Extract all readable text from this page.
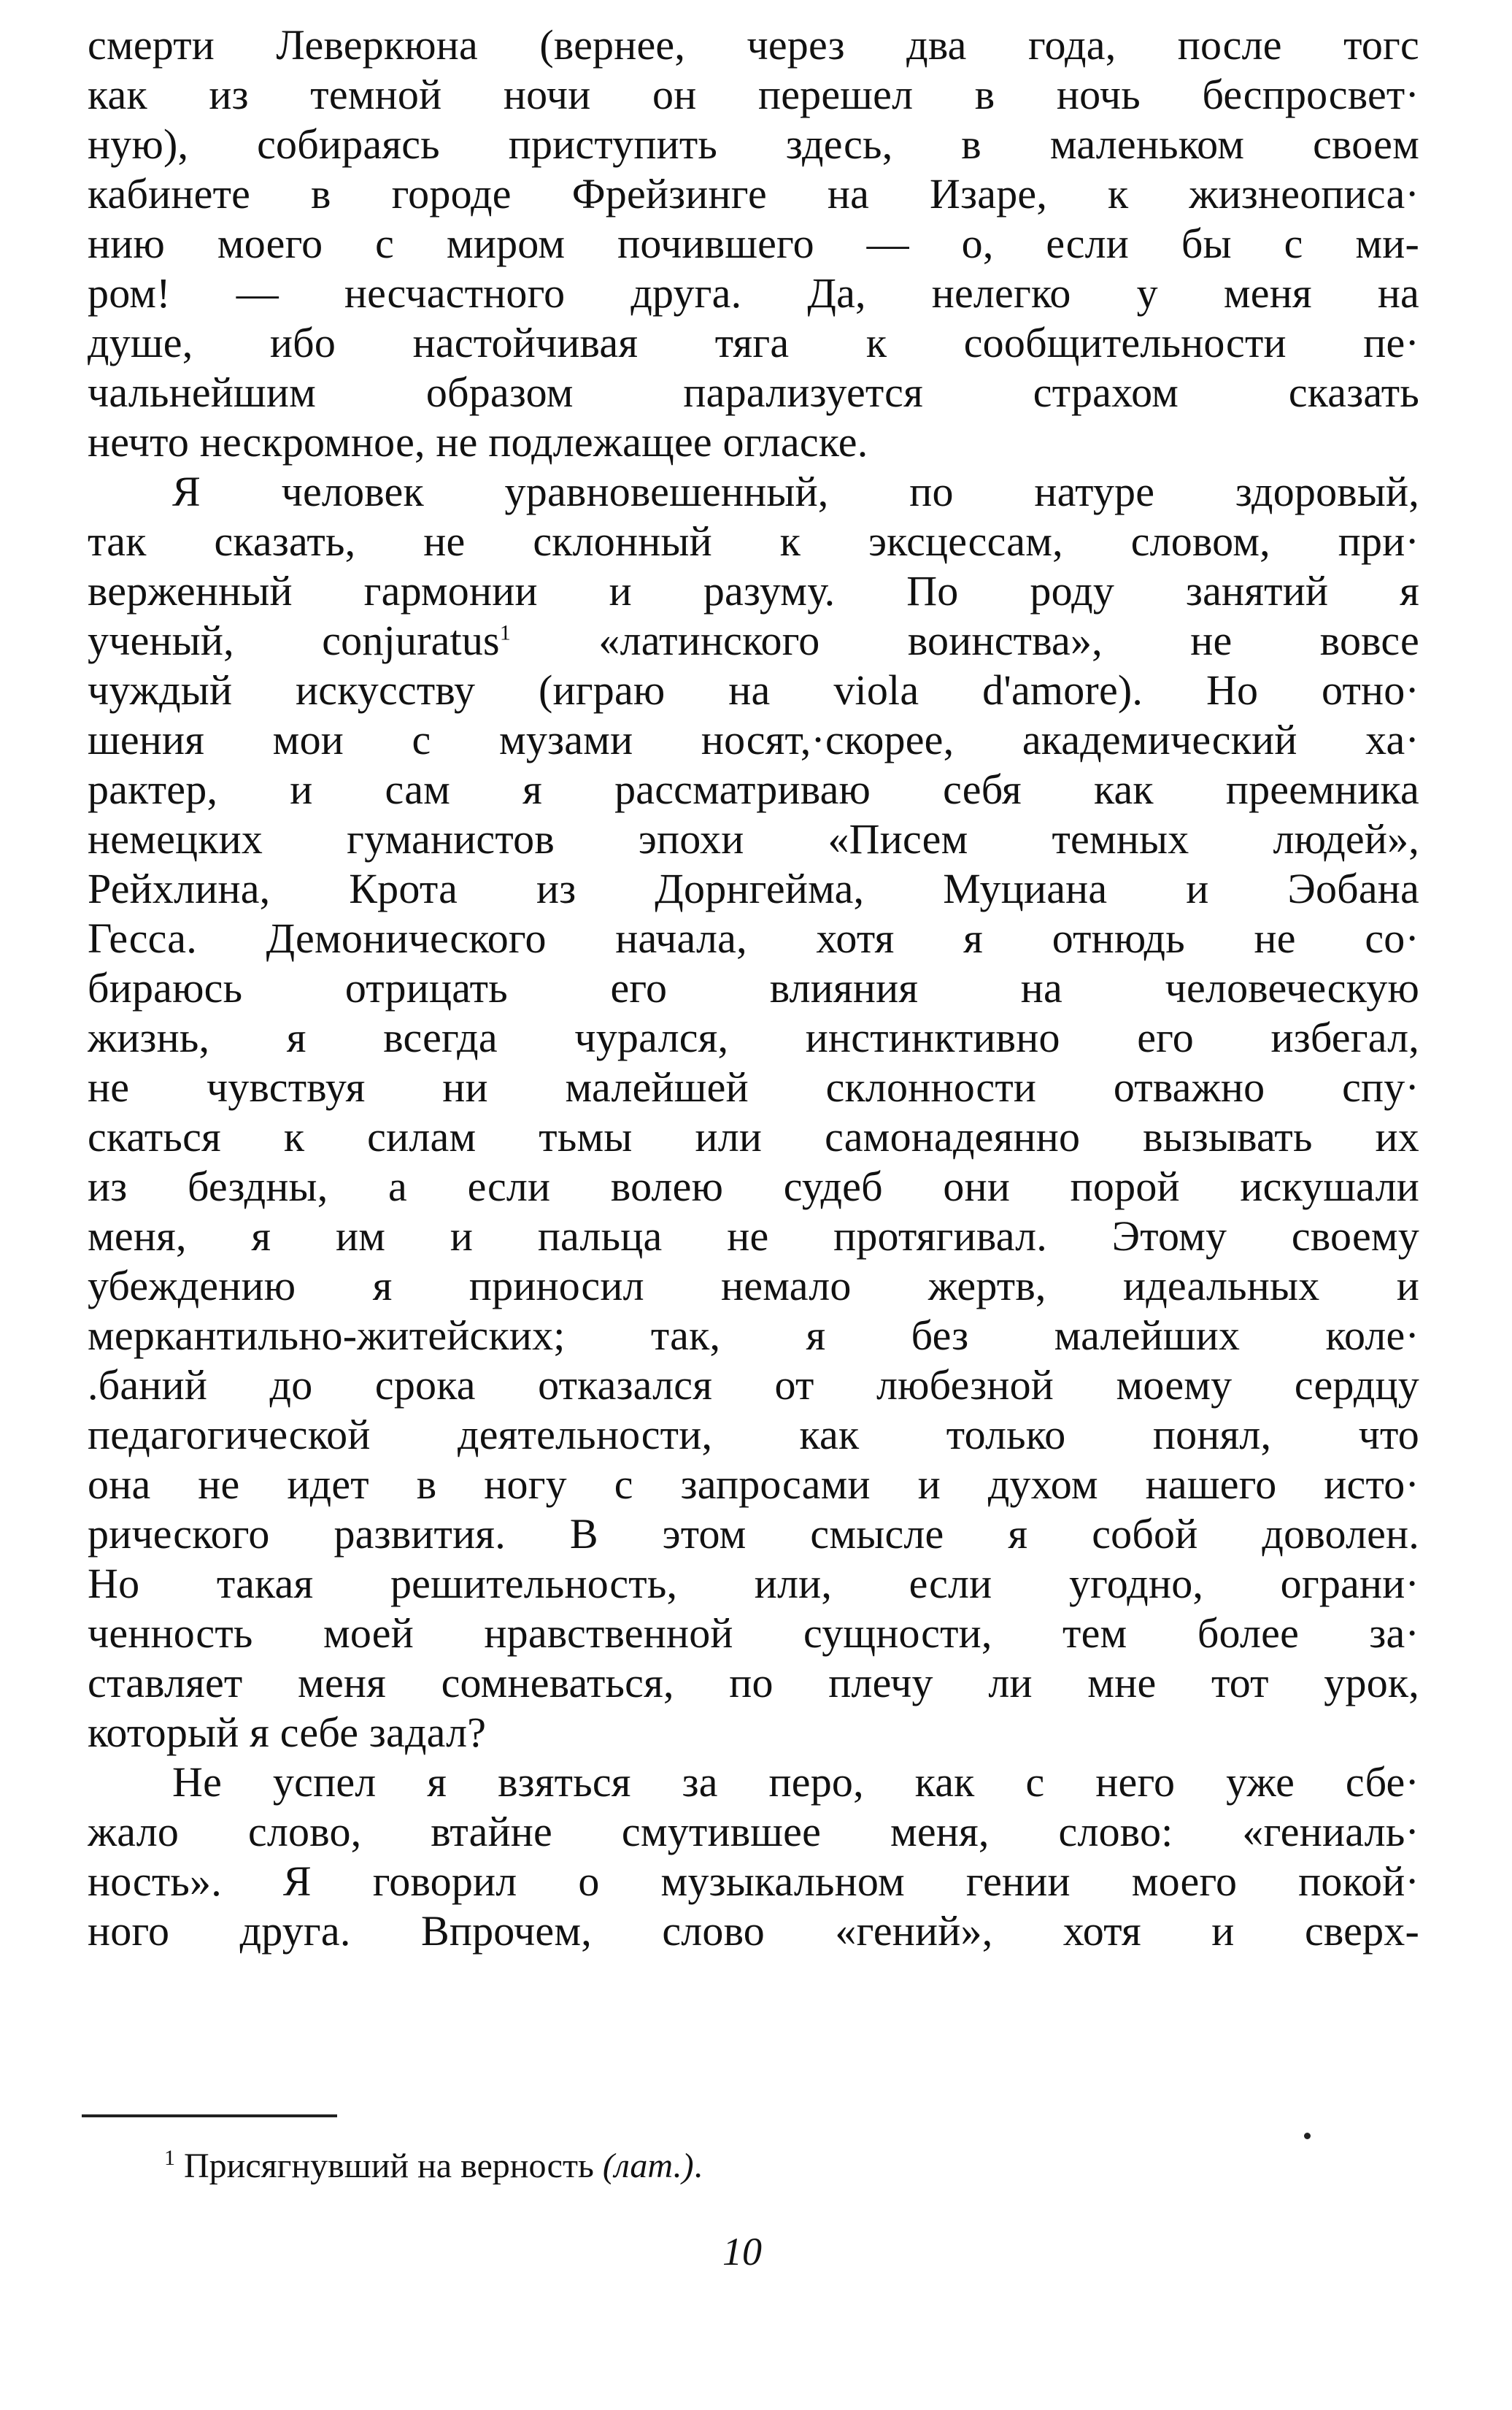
смерти Леверкюна (вернее, через два года, после тогс
как из темной ночи он перешел в ночь беспросвет·
ную), собираясь приступить здесь, в маленьком своем
кабинете в городе Фрейзинге на Изаре, к жизнеописа·
нию моего с миром почившего — о, если бы с ми-
ром! — несчастного друга. Да, нелегко у меня на
душе, ибо настойчивая тяга к сообщительности пе·
чальнейшим образом парализуется страхом сказать
нечто нескромное, не подлежащее огласке.
Я человек уравновешенный, по натуре здоровый,
так сказать, не склонный к эксцессам, словом, при·
верженный гармонии и разуму. По роду занятий я
ученый, conjuratus$^1$ «латинского воинства», не вовсе
чуждый искусству (играю на viola d'amore). Но отно·
шения мои с музами носят,·скорее, академический ха·
рактер, и сам я рассматриваю себя как преемника
немецких гуманистов эпохи «Писем темных людей»,
Рейхлина, Крота из Дорнгейма, Муциана и Эобана
Гесса. Демонического начала, хотя я отнюдь не со·
бираюсь отрицать его влияния на человеческую
жизнь, я всегда чурался, инстинктивно его избегал,
не чувствуя ни малейшей склонности отважно спу·
скаться к силам тьмы или самонадеянно вызывать их
из бездны, а если волею судеб они порой искушали
меня, я им и пальца не протягивал. Этому своему
убеждению я приносил немало жертв, идеальных и
меркантильно-житейских; так, я без малейших коле·
.баний до срока отказался от любезной моему сердцу
педагогической деятельности, как только понял, что
она не идет в ногу с запросами и духом нашего исто·
рического развития. В этом смысле я собой доволен.
Но такая решительность, или, если угодно, ограни·
ченность моей нравственной сущности, тем более за·
ставляет меня сомневаться, по плечу ли мне тот урок,
который я себе задал?
Не успел я взяться за перо, как с него уже сбе·
жало слово, втайне смутившее меня, слово: «гениаль·
ность». Я говорил о музыкальном гении моего покой·
ного друга. Впрочем, слово «гений», хотя и сверх-
$^1$ Присягнувший на верность (лат.).
10
